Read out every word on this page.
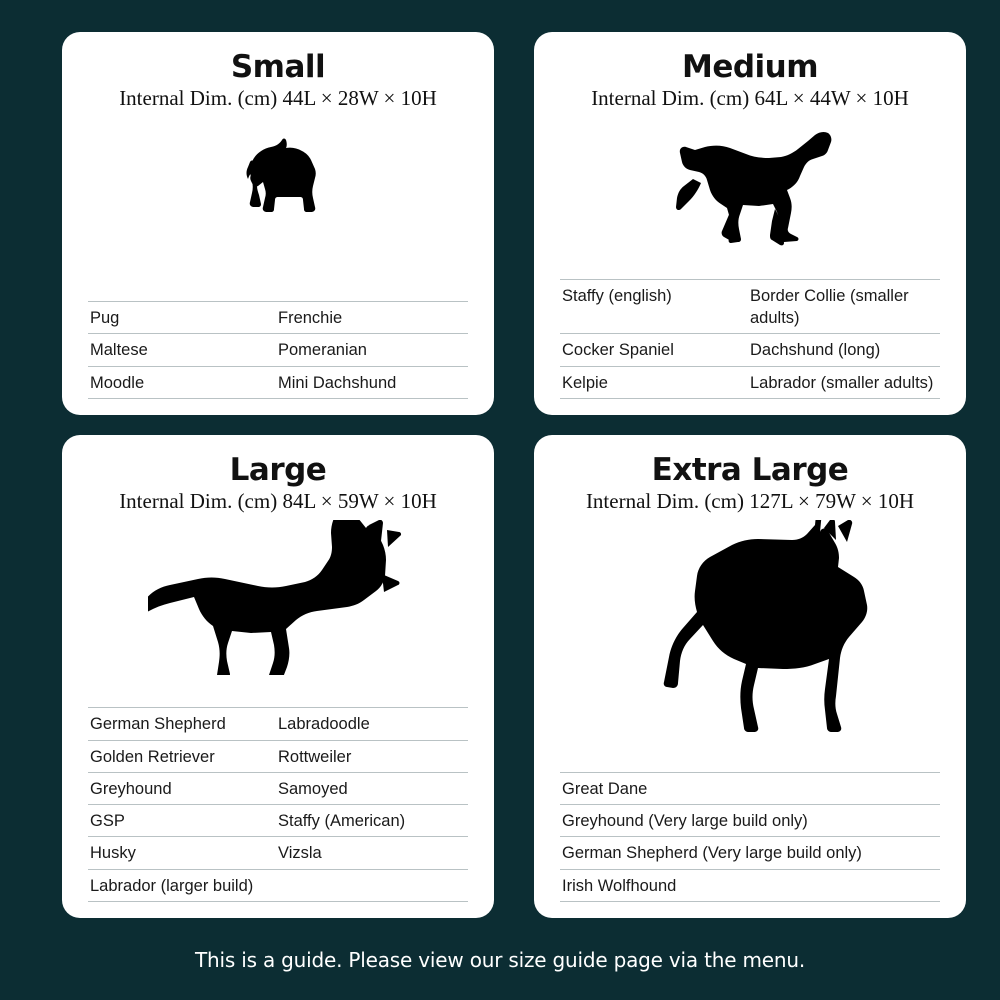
Small
Internal Dim. (cm) 44L × 28W × 10H
Pug	Frenchie
Maltese	Pomeranian
Moodle	Mini Dachshund
Medium
Internal Dim. (cm) 64L × 44W × 10H
Staffy (english)	Border Collie (smaller adults)
Cocker Spaniel	Dachshund (long)
Kelpie	Labrador (smaller adults)
Large
Internal Dim. (cm) 84L × 59W × 10H
German Shepherd	Labradoodle
Golden Retriever	Rottweiler
Greyhound	Samoyed
GSP	Staffy (American)
Husky	Vizsla
Labrador (larger build)
Extra Large
Internal Dim. (cm) 127L × 79W × 10H
Great Dane
Greyhound (Very large build only)
German Shepherd (Very large build only)
Irish Wolfhound
This is a guide. Please view our size guide page via the menu.
